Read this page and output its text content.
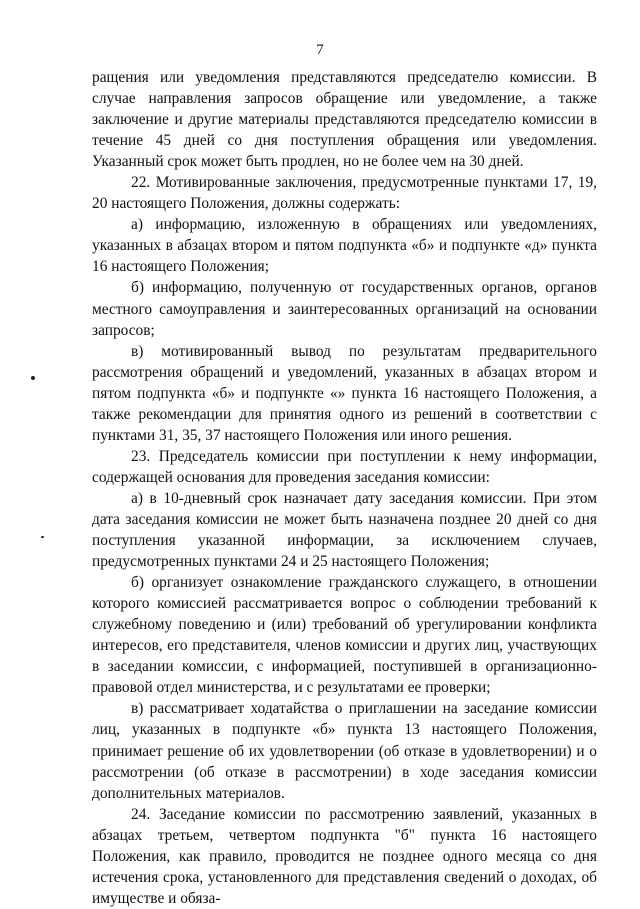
7

ращения или уведомления представляются председателю комиссии. В случае направления запросов обращение или уведомление, а также заключение и другие материалы представляются председателю комиссии в течение 45 дней со дня поступления обращения или уведомления. Указанный срок может быть продлен, но не более чем на 30 дней.

22. Мотивированные заключения, предусмотренные пунктами 17, 19, 20 настоящего Положения, должны содержать:

а) информацию, изложенную в обращениях или уведомлениях, указанных в абзацах втором и пятом подпункта «б» и подпункте «д» пункта 16 настоящего Положения;

б) информацию, полученную от государственных органов, органов местного самоуправления и заинтересованных организаций на основании запросов;

в) мотивированный вывод по результатам предварительного рассмотрения обращений и уведомлений, указанных в абзацах втором и пятом подпункта «б» и подпункте «» пункта 16 настоящего Положения, а также рекомендации для принятия одного из решений в соответствии с пунктами 31, 35, 37 настоящего Положения или иного решения.

23. Председатель комиссии при поступлении к нему информации, содержащей основания для проведения заседания комиссии:

а) в 10-дневный срок назначает дату заседания комиссии. При этом дата заседания комиссии не может быть назначена позднее 20 дней со дня поступления указанной информации, за исключением случаев, предусмотренных пунктами 24 и 25 настоящего Положения;

б) организует ознакомление гражданского служащего, в отношении которого комиссией рассматривается вопрос о соблюдении требований к служебному поведению и (или) требований об урегулировании конфликта интересов, его представителя, членов комиссии и других лиц, участвующих в заседании комиссии, с информацией, поступившей в организационно-правовой отдел министерства, и с результатами ее проверки;

в) рассматривает ходатайства о приглашении на заседание комиссии лиц, указанных в подпункте «б» пункта 13 настоящего Положения, принимает решение об их удовлетворении (об отказе в удовлетворении) и о рассмотрении (об отказе в рассмотрении) в ходе заседания комиссии дополнительных материалов.

24. Заседание комиссии по рассмотрению заявлений, указанных в абзацах третьем, четвертом подпункта "б" пункта 16 настоящего Положения, как правило, проводится не позднее одного месяца со дня истечения срока, установленного для представления сведений о доходах, об имуществе и обяза-
